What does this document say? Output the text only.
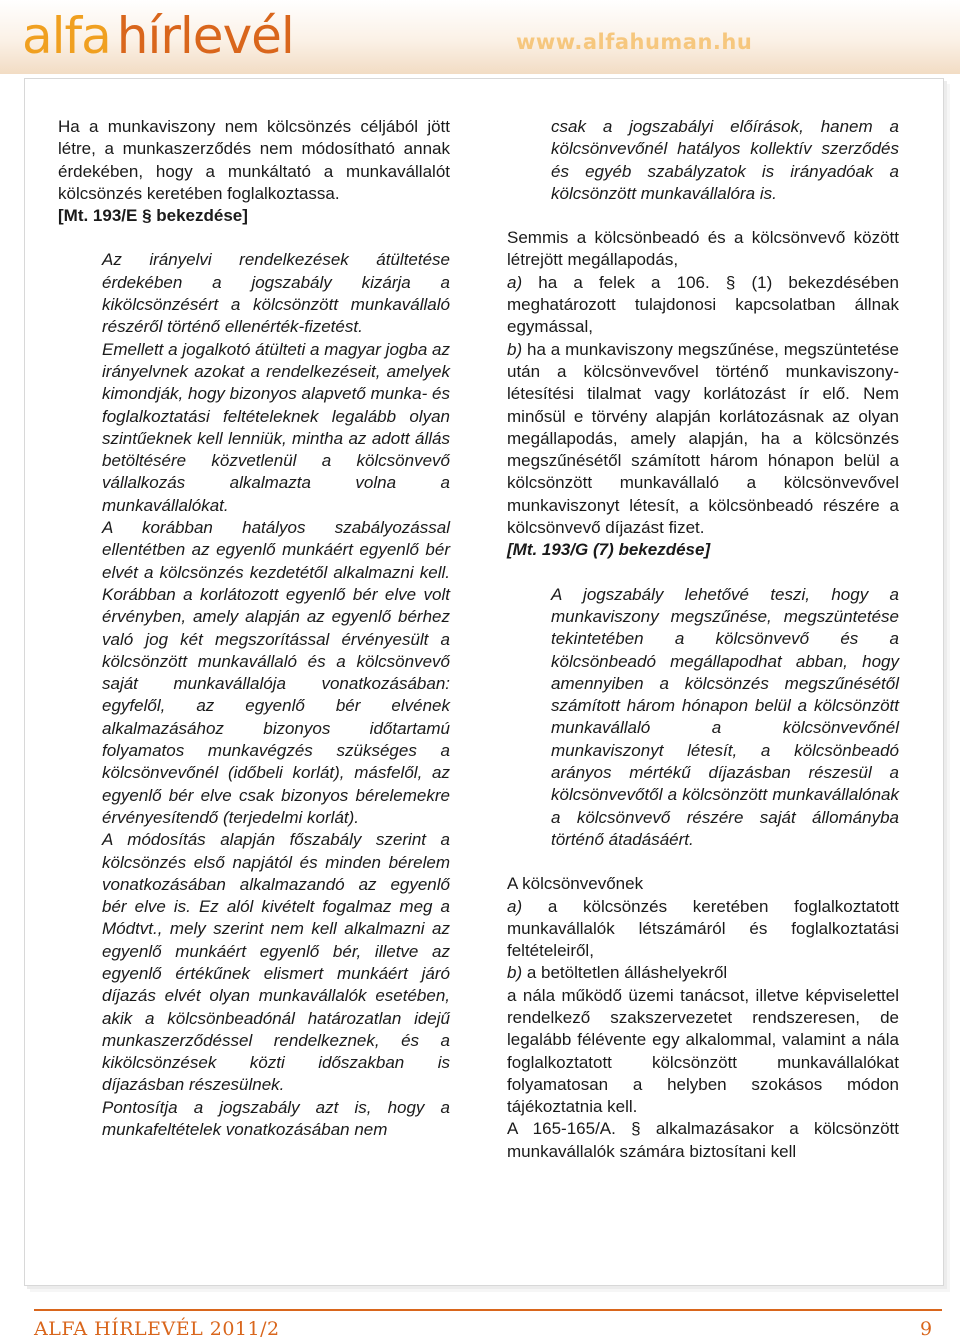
alfa hírlevél	www.alfahuman.hu

Ha a munkaviszony nem kölcsönzés céljából jött létre, a munkaszerződés nem módosítható annak érdekében, hogy a munkáltató a munkavállalót kölcsönzés keretében foglalkoztassa.

[Mt. 193/E § bekezdése]

Az irányelvi rendelkezések átültetése érdekében a jogszabály kizárja a kikölcsönzésért a kölcsönzött munkavállaló részéről történő ellenérték-fizetést.

Emellett a jogalkotó átülteti a magyar jogba az irányelvnek azokat a rendelkezéseit, amelyek kimondják, hogy bizonyos alapvető munka- és foglalkoztatási feltételeknek legalább olyan szintűeknek kell lenniük, mintha az adott állás betöltésére közvetlenül a kölcsönvevő vállalkozás alkalmazta volna a munkavállalókat.

A korábban hatályos szabályozással ellentétben az egyenlő munkáért egyenlő bér elvét a kölcsönzés kezdetétől alkalmazni kell. Korábban a korlátozott egyenlő bér elve volt érvényben, amely alapján az egyenlő bérhez való jog két megszorítással érvényesült a kölcsönzött munkavállaló és a kölcsönvevő saját munkavállalója vonatkozásában: egyfelől, az egyenlő bér elvének alkalmazásához bizonyos időtartamú folyamatos munkavégzés szükséges a kölcsönvevőnél (időbeli korlát), másfelől, az egyenlő bér elve csak bizonyos bérelemekre érvényesítendő (terjedelmi korlát).

A módosítás alapján főszabály szerint a kölcsönzés első napjától és minden bérelem vonatkozásában alkalmazandó az egyenlő bér elve is. Ez alól kivételt fogalmaz meg a Módtvt., mely szerint nem kell alkalmazni az egyenlő munkáért egyenlő bér, illetve az egyenlő értékűnek elismert munkáért járó díjazás elvét olyan munkavállalók esetében, akik a kölcsönbeadónál határozatlan idejű munkaszerződéssel rendelkeznek, és a kikölcsönzések közti időszakban is díjazásban részesülnek.

Pontosítja a jogszabály azt is, hogy a munkafeltételek vonatkozásában nem

csak a jogszabályi előírások, hanem a kölcsönvevőnél hatályos kollektív szerződés és egyéb szabályzatok is irányadóak a kölcsönzött munkavállalóra is.

Semmis a kölcsönbeadó és a kölcsönvevő között létrejött megállapodás,

a) ha a felek a 106. § (1) bekezdésében meghatározott tulajdonosi kapcsolatban állnak egymással,

b) ha a munkaviszony megszűnése, megszüntetése után a kölcsönvevővel történő munkaviszony-létesítési tilalmat vagy korlátozást ír elő. Nem minősül e törvény alapján korlátozásnak az olyan megállapodás, amely alapján, ha a kölcsönzés megszűnésétől számított három hónapon belül a kölcsönzött munkavállaló a kölcsönvevővel munkaviszonyt létesít, a kölcsönbeadó részére a kölcsönvevő díjazást fizet.

[Mt. 193/G (7) bekezdése]

A jogszabály lehetővé teszi, hogy a munkaviszony megszűnése, megszüntetése tekintetében a kölcsönvevő és a kölcsönbeadó megállapodhat abban, hogy amennyiben a kölcsönzés megszűnésétől számított három hónapon belül a kölcsönzött munkavállaló a kölcsönvevőnél munkaviszonyt létesít, a kölcsönbeadó arányos mértékű díjazásban részesül a kölcsönvevőtől a kölcsönzött munkavállalónak a kölcsönvevő részére saját állományba történő átadásáért.

A kölcsönvevőnek

a) a kölcsönzés keretében foglalkoztatott munkavállalók létszámáról és foglalkoztatási feltételeiről,

b) a betöltetlen álláshelyekről

a nála működő üzemi tanácsot, illetve képviselettel rendelkező szakszervezetet rendszeresen, de legalább félévente egy alkalommal, valamint a nála foglalkoztatott kölcsönzött munkavállalókat folyamatosan a helyben szokásos módon tájékoztatnia kell.

A 165-165/A. § alkalmazásakor a kölcsönzött munkavállalók számára biztosítani kell

ALFA HÍRLEVÉL 2011/2	9
